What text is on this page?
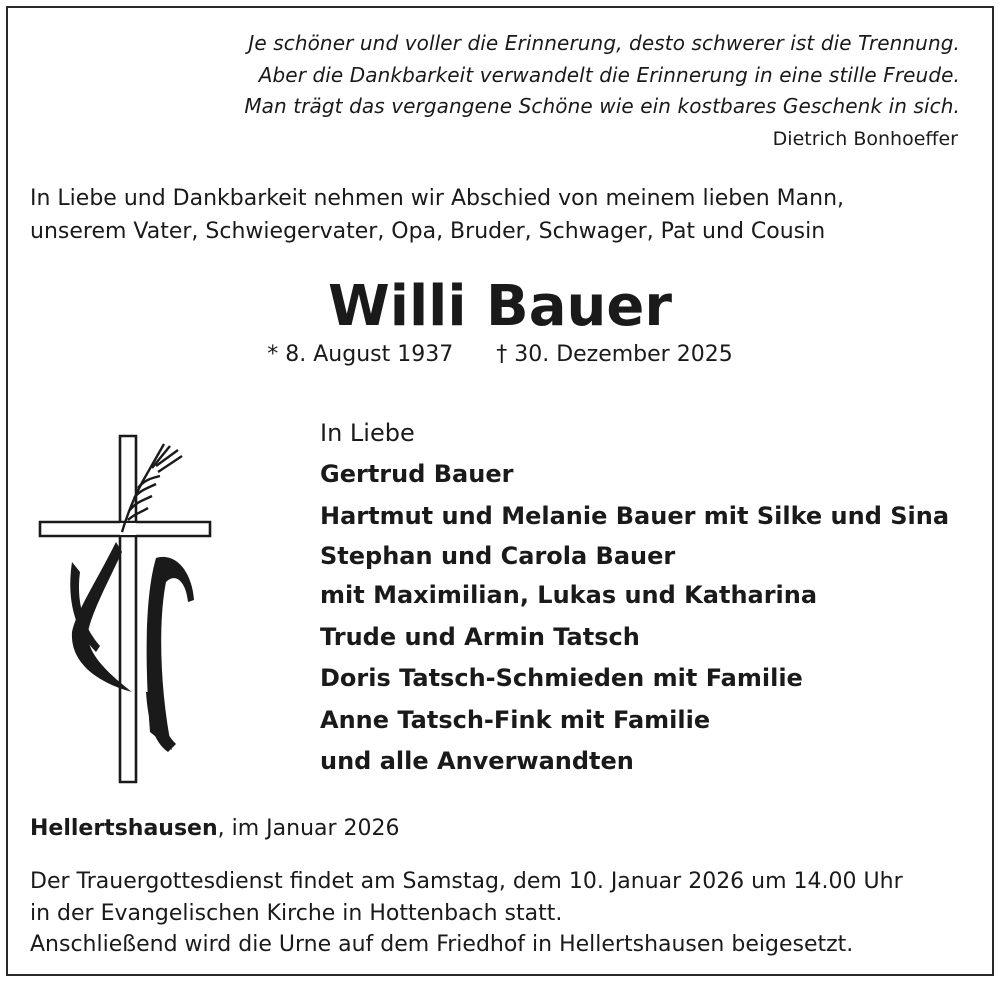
Je schöner und voller die Erinnerung, desto schwerer ist die Trennung.
Aber die Dankbarkeit verwandelt die Erinnerung in eine stille Freude.
Man trägt das vergangene Schöne wie ein kostbares Geschenk in sich.
Dietrich Bonhoeffer
In Liebe und Dankbarkeit nehmen wir Abschied von meinem lieben Mann,
unserem Vater, Schwiegervater, Opa, Bruder, Schwager, Pat und Cousin
Willi Bauer
* 8. August 1937 † 30. Dezember 2025
In Liebe
Gertrud Bauer
Hartmut und Melanie Bauer mit Silke und Sina
Stephan und Carola Bauer
mit Maximilian, Lukas und Katharina
Trude und Armin Tatsch
Doris Tatsch-Schmieden mit Familie
Anne Tatsch-Fink mit Familie
und alle Anverwandten
Hellertshausen, im Januar 2026
Der Trauergottesdienst findet am Samstag, dem 10. Januar 2026 um 14.00 Uhr
in der Evangelischen Kirche in Hottenbach statt.
Anschließend wird die Urne auf dem Friedhof in Hellertshausen beigesetzt.
